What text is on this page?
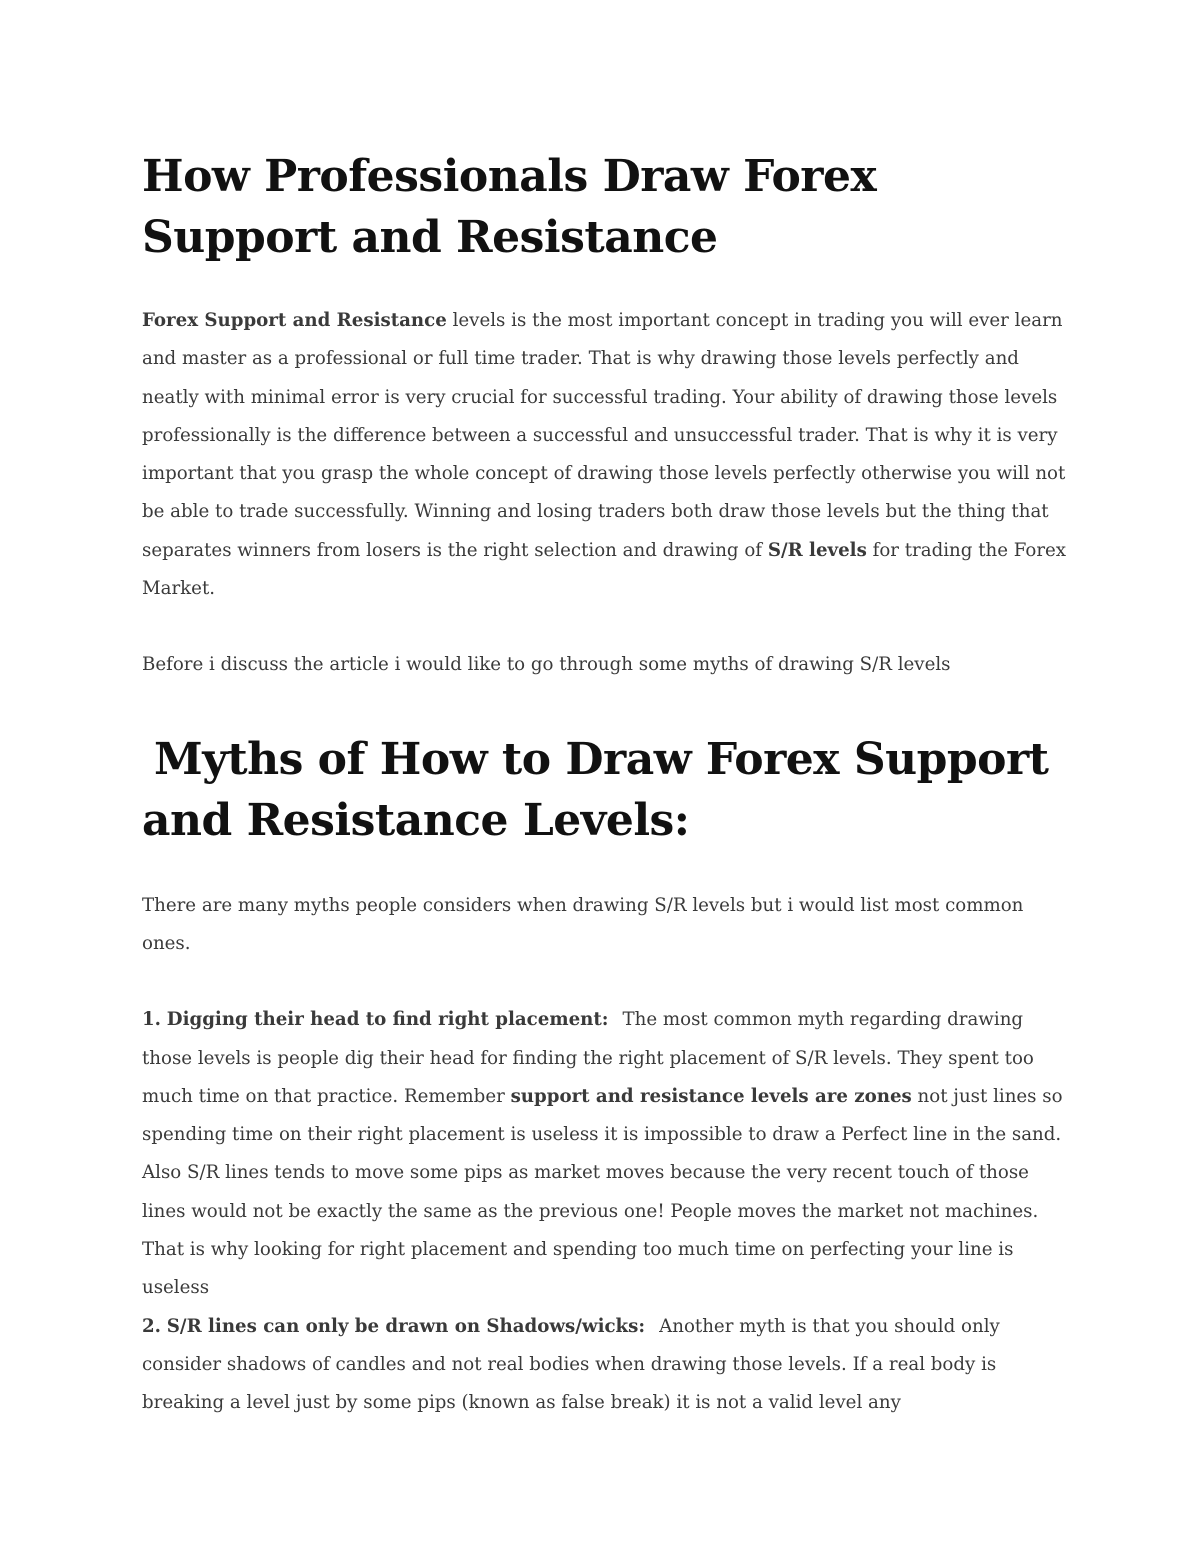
How Professionals Draw Forex Support and Resistance

Forex Support and Resistance levels is the most important concept in trading you will ever learn and master as a professional or full time trader. That is why drawing those levels perfectly and neatly with minimal error is very crucial for successful trading. Your ability of drawing those levels professionally is the difference between a successful and unsuccessful trader. That is why it is very important that you grasp the whole concept of drawing those levels perfectly otherwise you will not be able to trade successfully. Winning and losing traders both draw those levels but the thing that separates winners from losers is the right selection and drawing of S/R levels for trading the Forex Market.

Before i discuss the article i would like to go through some myths of drawing S/R levels

Myths of How to Draw Forex Support
and Resistance Levels:

There are many myths people considers when drawing S/R levels but i would list most common ones.

1. Digging their head to find right placement: The most common myth regarding drawing those levels is people dig their head for finding the right placement of S/R levels. They spent too much time on that practice. Remember support and resistance levels are zones not just lines so spending time on their right placement is useless it is impossible to draw a Perfect line in the sand. Also S/R lines tends to move some pips as market moves because the very recent touch of those lines would not be exactly the same as the previous one! People moves the market not machines. That is why looking for right placement and spending too much time on perfecting your line is useless

2. S/R lines can only be drawn on Shadows/wicks: Another myth is that you should only consider shadows of candles and not real bodies when drawing those levels. If a real body is breaking a level just by some pips (known as false break) it is not a valid level any
